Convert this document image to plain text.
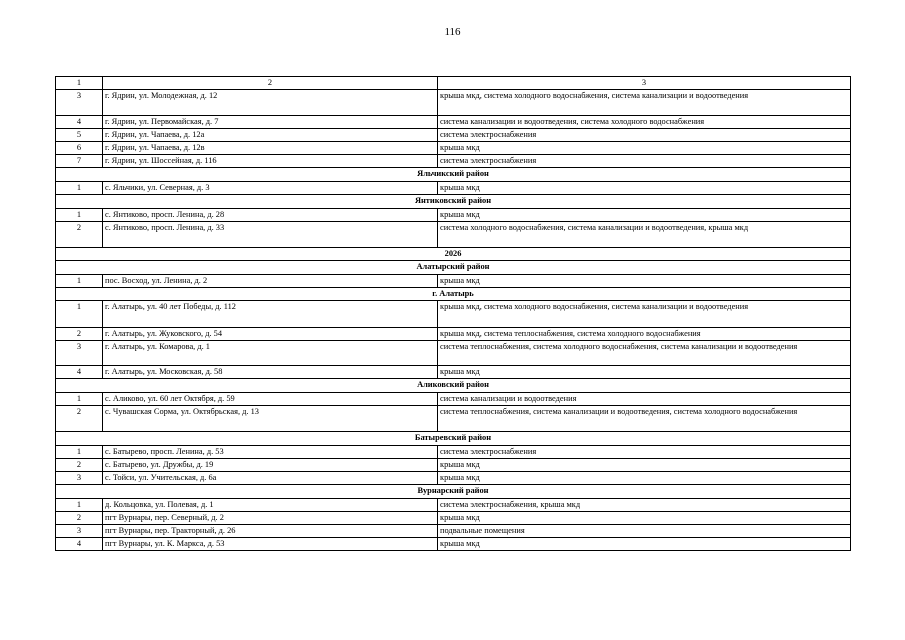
116
1	2	3
3	г. Ядрин, ул. Молодежная, д. 12	крыша мкд, система холодного водоснабжения, система канализации и водоотведения
4	г. Ядрин, ул. Первомайская, д. 7	система канализации и водоотведения, система холодного водоснабжения
5	г. Ядрин, ул. Чапаева, д. 12а	система электроснабжения
6	г. Ядрин, ул. Чапаева, д. 12в	крыша мкд
7	г. Ядрин, ул. Шоссейная, д. 116	система электроснабжения
Яльчикский район		
1	с. Яльчики, ул. Северная, д. 3	крыша мкд
Янтиковский район		
1	с. Янтиково, просп. Ленина, д. 28	крыша мкд
2	с. Янтиково, просп. Ленина, д. 33	система холодного водоснабжения, система канализации и водоотведения, крыша мкд
2026		
Алатырский район		
1	пос. Восход, ул. Ленина, д. 2	крыша мкд
г. Алатырь		
1	г. Алатырь, ул. 40 лет Победы, д. 112	крыша мкд, система холодного водоснабжения, система канализации и водоотведения
2	г. Алатырь, ул. Жуковского, д. 54	крыша мкд, система теплоснабжения, система холодного водоснабжения
3	г. Алатырь, ул. Комарова, д. 1	система теплоснабжения, система холодного водоснабжения, система канализации и водоотведения
4	г. Алатырь, ул. Московская, д. 58	крыша мкд
Аликовский район		
1	с. Аликово, ул. 60 лет Октября, д. 59	система канализации и водоотведения
2	с. Чувашская Сорма, ул. Октябрьская, д. 13	система теплоснабжения, система канализации и водоотведения, система холодного водоснабжения
Батыревский район		
1	с. Батырево, просп. Ленина, д. 53	система электроснабжения
2	с. Батырево, ул. Дружбы, д. 19	крыша мкд
3	с. Тойси, ул. Учительская, д. 6а	крыша мкд
Вурнарский район		
1	д. Кольцовка, ул. Полевая, д. 1	система электроснабжения, крыша мкд
2	пгт Вурнары, пер. Северный, д. 2	крыша мкд
3	пгт Вурнары, пер. Тракторный, д. 26	подвальные помещения
4	пгт Вурнары, ул. К. Маркса, д. 53	крыша мкд
